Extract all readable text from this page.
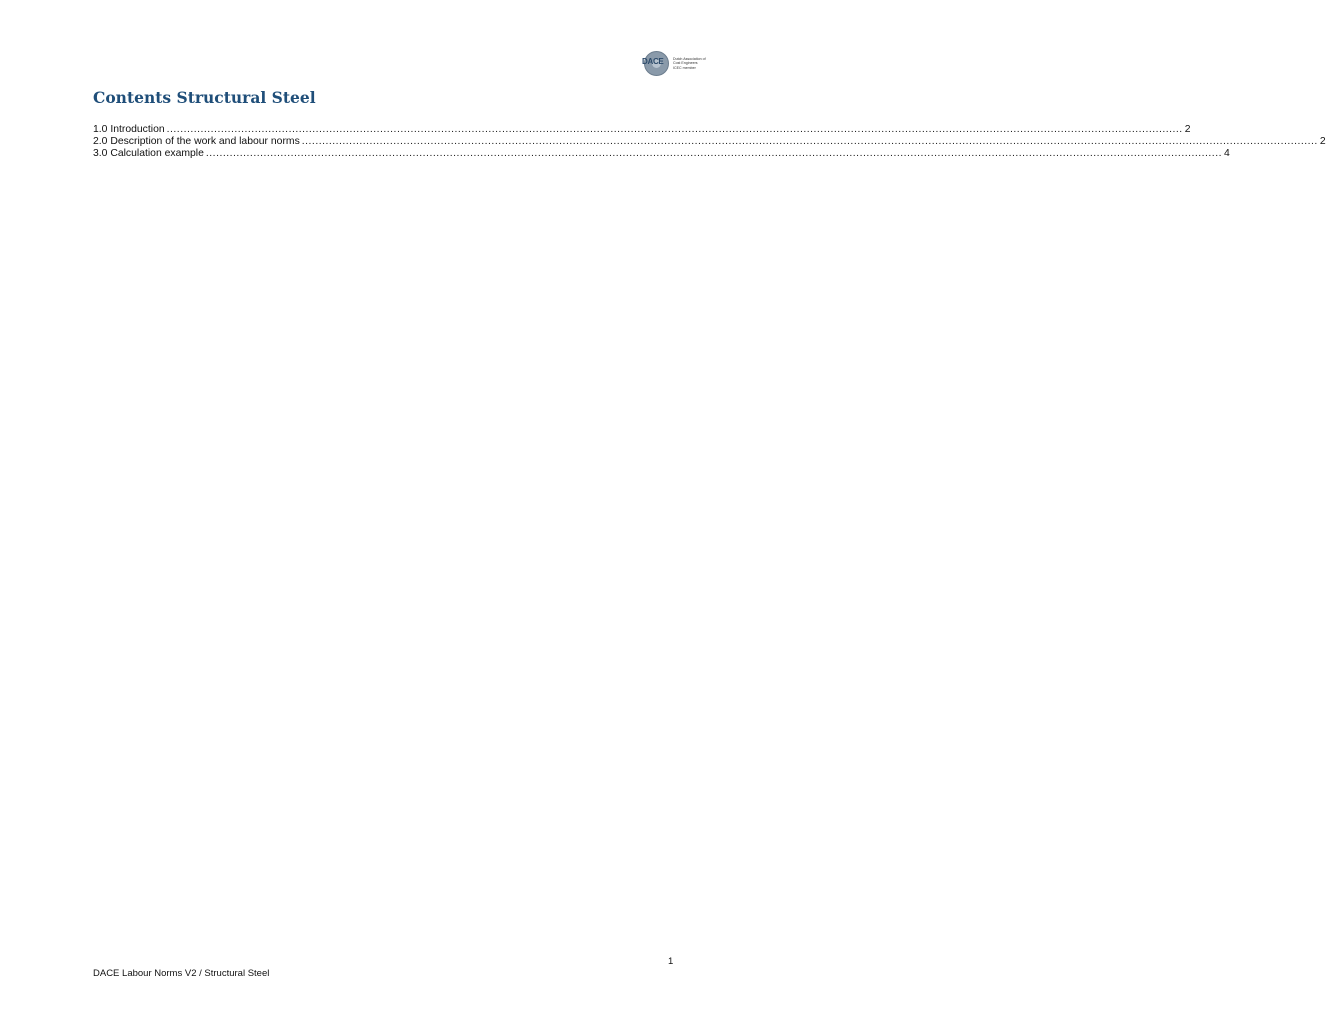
DACE	Dutch Association of
Cost Engineers
ICEC member
Contents Structural Steel
1.0 Introduction ............................................................................................................................................................................................................................................................................................................ 2
2.0 Description of the work and labour norms ............................................................................................................................................................................................................................................................................................................ 2
3.0 Calculation example ............................................................................................................................................................................................................................................................................................................ 4
1
DACE Labour Norms V2 / Structural Steel
